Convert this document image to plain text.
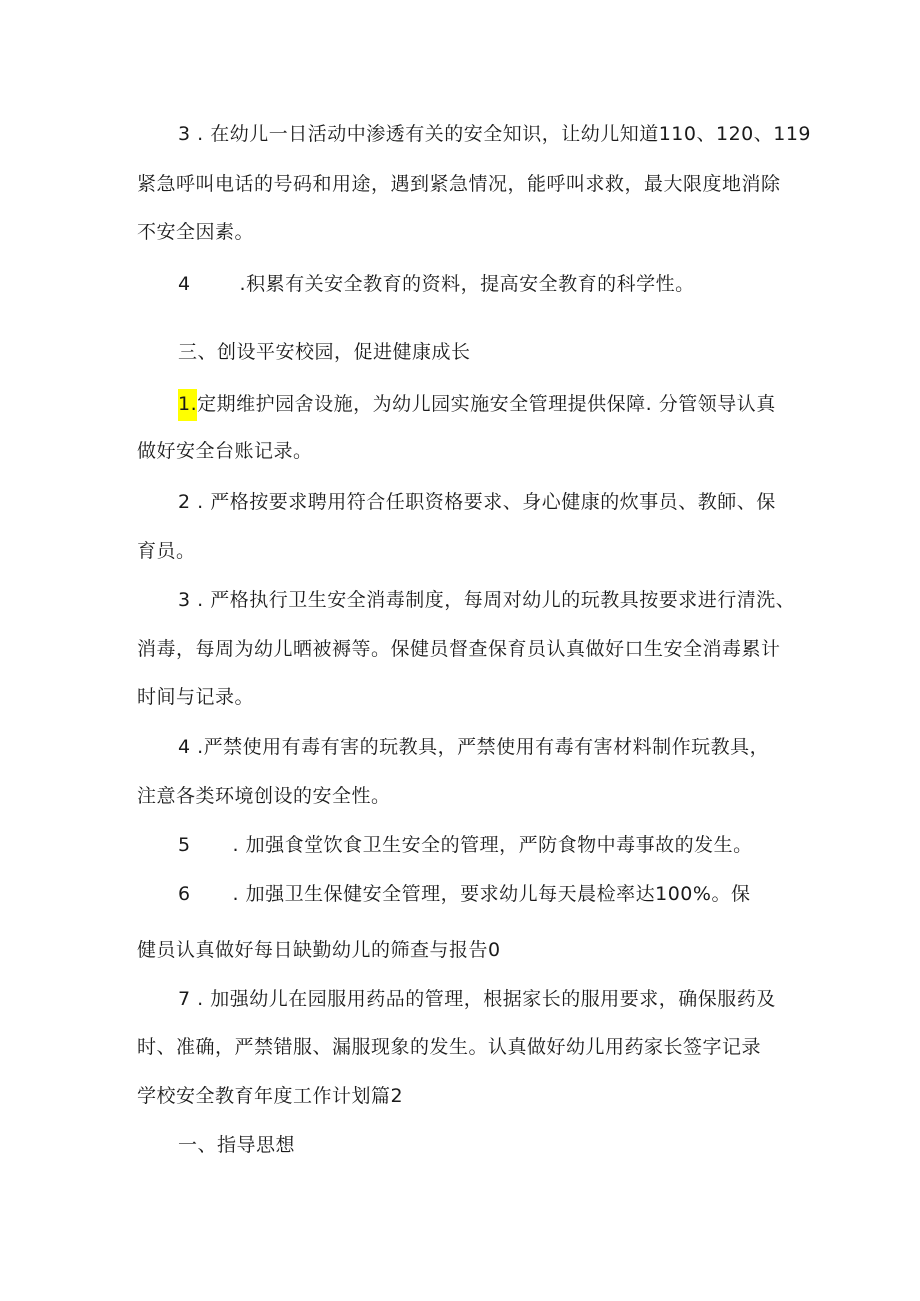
3 . 在幼儿一日活动中渗透有关的安全知识，让幼儿知道110、120、119
紧急呼叫电话的号码和用途，遇到紧急情况，能呼叫求救，最大限度地消除
不安全因素。
4 .积累有关安全教育的资料，提高安全教育的科学性。
三、创设平安校园，促进健康成长
1.定期维护园舍设施，为幼儿园实施安全管理提供保障. 分管领导认真
做好安全台账记录。
2 . 严格按要求聘用符合任职资格要求、身心健康的炊事员、教師、保
育员。
3 . 严格执行卫生安全消毒制度，每周对幼儿的玩教具按要求进行清洗、
消毒，每周为幼儿晒被褥等。保健员督查保育员认真做好口生安全消毒累计
时间与记录。
4 .严禁使用有毒有害的玩教具，严禁使用有毒有害材料制作玩教具，
注意各类环境创设的安全性。
5 . 加强食堂饮食卫生安全的管理，严防食物中毒事故的发生。
6 . 加强卫生保健安全管理，要求幼儿每天晨检率达100%。保
健员认真做好每日缺勤幼儿的筛查与报告0
7 . 加强幼儿在园服用药品的管理，根据家长的服用要求，确保服药及
时、准确，严禁错服、漏服现象的发生。认真做好幼儿用药家长签字记录
学校安全教育年度工作计划篇2
一、指导思想
